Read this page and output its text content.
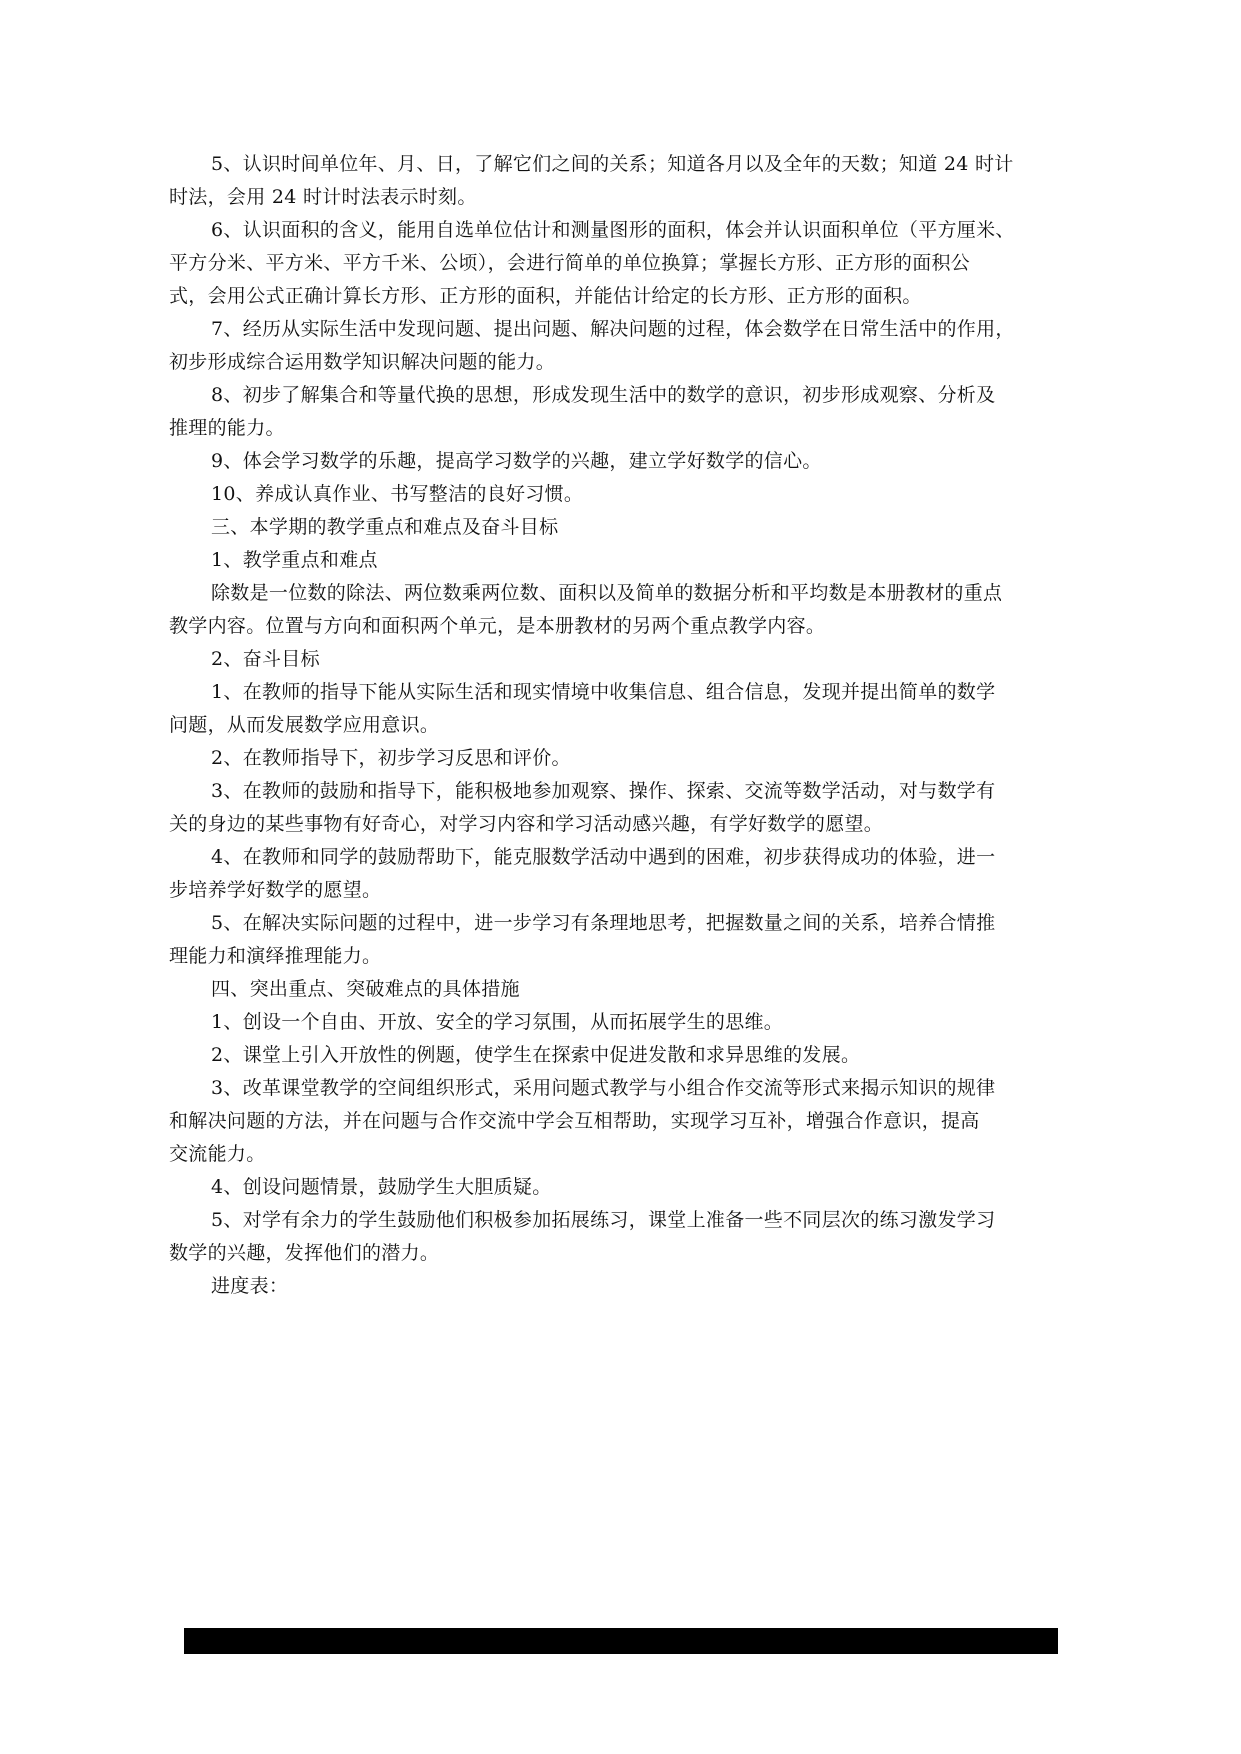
5、认识时间单位年、月、日，了解它们之间的关系；知道各月以及全年的天数；知道 24 时计
时法，会用 24 时计时法表示时刻。

6、认识面积的含义，能用自选单位估计和测量图形的面积，体会并认识面积单位（平方厘米、
平方分米、平方米、平方千米、公顷），会进行简单的单位换算；掌握长方形、正方形的面积公
式，会用公式正确计算长方形、正方形的面积，并能估计给定的长方形、正方形的面积。

7、经历从实际生活中发现问题、提出问题、解决问题的过程，体会数学在日常生活中的作用，
初步形成综合运用数学知识解决问题的能力。

8、初步了解集合和等量代换的思想，形成发现生活中的数学的意识，初步形成观察、分析及
推理的能力。

9、体会学习数学的乐趣，提高学习数学的兴趣，建立学好数学的信心。

10、养成认真作业、书写整洁的良好习惯。

三、本学期的教学重点和难点及奋斗目标

1、教学重点和难点

除数是一位数的除法、两位数乘两位数、面积以及简单的数据分析和平均数是本册教材的重点
教学内容。位置与方向和面积两个单元，是本册教材的另两个重点教学内容。

2、奋斗目标

1、在教师的指导下能从实际生活和现实情境中收集信息、组合信息，发现并提出简单的数学
问题，从而发展数学应用意识。

2、在教师指导下，初步学习反思和评价。

3、在教师的鼓励和指导下，能积极地参加观察、操作、探索、交流等数学活动，对与数学有
关的身边的某些事物有好奇心，对学习内容和学习活动感兴趣，有学好数学的愿望。

4、在教师和同学的鼓励帮助下，能克服数学活动中遇到的困难，初步获得成功的体验，进一
步培养学好数学的愿望。

5、在解决实际问题的过程中，进一步学习有条理地思考，把握数量之间的关系，培养合情推
理能力和演绎推理能力。

四、突出重点、突破难点的具体措施

1、创设一个自由、开放、安全的学习氛围，从而拓展学生的思维。

2、课堂上引入开放性的例题，使学生在探索中促进发散和求异思维的发展。

3、改革课堂教学的空间组织形式，采用问题式教学与小组合作交流等形式来揭示知识的规律
和解决问题的方法，并在问题与合作交流中学会互相帮助，实现学习互补，增强合作意识，提高
交流能力。

4、创设问题情景，鼓励学生大胆质疑。

5、对学有余力的学生鼓励他们积极参加拓展练习，课堂上准备一些不同层次的练习激发学习
数学的兴趣，发挥他们的潜力。

进度表：

第 2 页  /总页数  2  页
